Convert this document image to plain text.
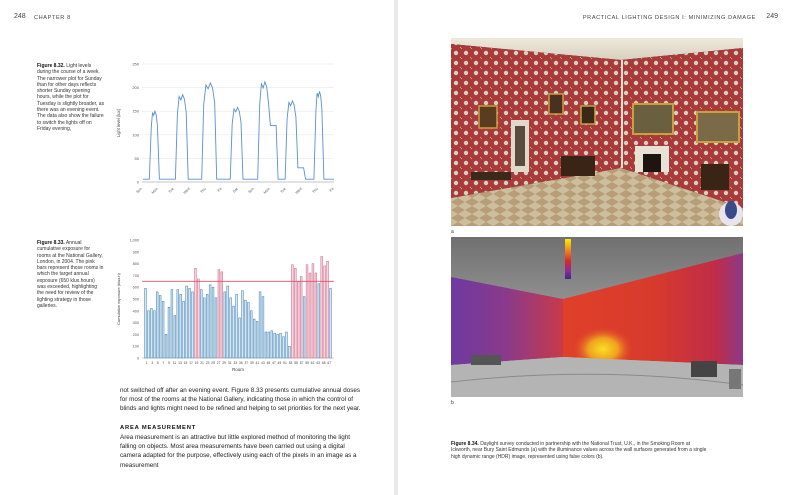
248 CHAPTER 8
Figure 8.32. Light levels during the course of a week. The narrower plot for Sunday than for other days reflects shorter Sunday opening hours, while the plot for Tuesday is slightly broader, as there was an evening event. The data also show the failure to switch the lights off on Friday evening,
0
50
100
150
200
250
Light level (lux)
Sun Mon Tue Wed Thu	Fri	Sat Sun Mon Tue Wed Thu	Fri
Figure 8.33. Annual cumulative exposure for rooms at the National Gallery, London, in 2004. The pink bars represent those rooms in which the target annual exposure (650 klux.hours) was exceeded, highlighting the need for review of the lighting strategy in those galleries.
0
100
200
300
400
500
600
700
800
900
1,000
Cumulative exposure (klux.h)
1 3 5 7 9 11 13 15 17 19 21 23 25 27 29 31 33 35 37 39 41 43 45 47 49 51 53 55 57 59 61 63 65 67
Room
not switched off after an evening event. Figure 8.33 presents cumulative annual doses for most of the rooms at the National Gallery, indicating those in which the control of blinds and lights might need to be refined and helping to set priorities for the next year.
AREA MEASUREMENT
Area measurement is an attractive but little explored method of monitoring the light falling on objects. Most area measurements have been carried out using a digital camera adapted for the purpose, effectively using each of the pixels in an image as a measurement
PRACTICAL LIGHTING DESIGN I: MINIMIZING DAMAGE 249
a
b
Figure 8.34. Daylight survey conducted in partnership with the National Trust, U.K., in the Smoking Room at Ickworth, near Bury Saint Edmunds (a) with the illuminance values across the wall surfaces generated from a single high dynamic range (HDR) image, represented using false colors (b).
